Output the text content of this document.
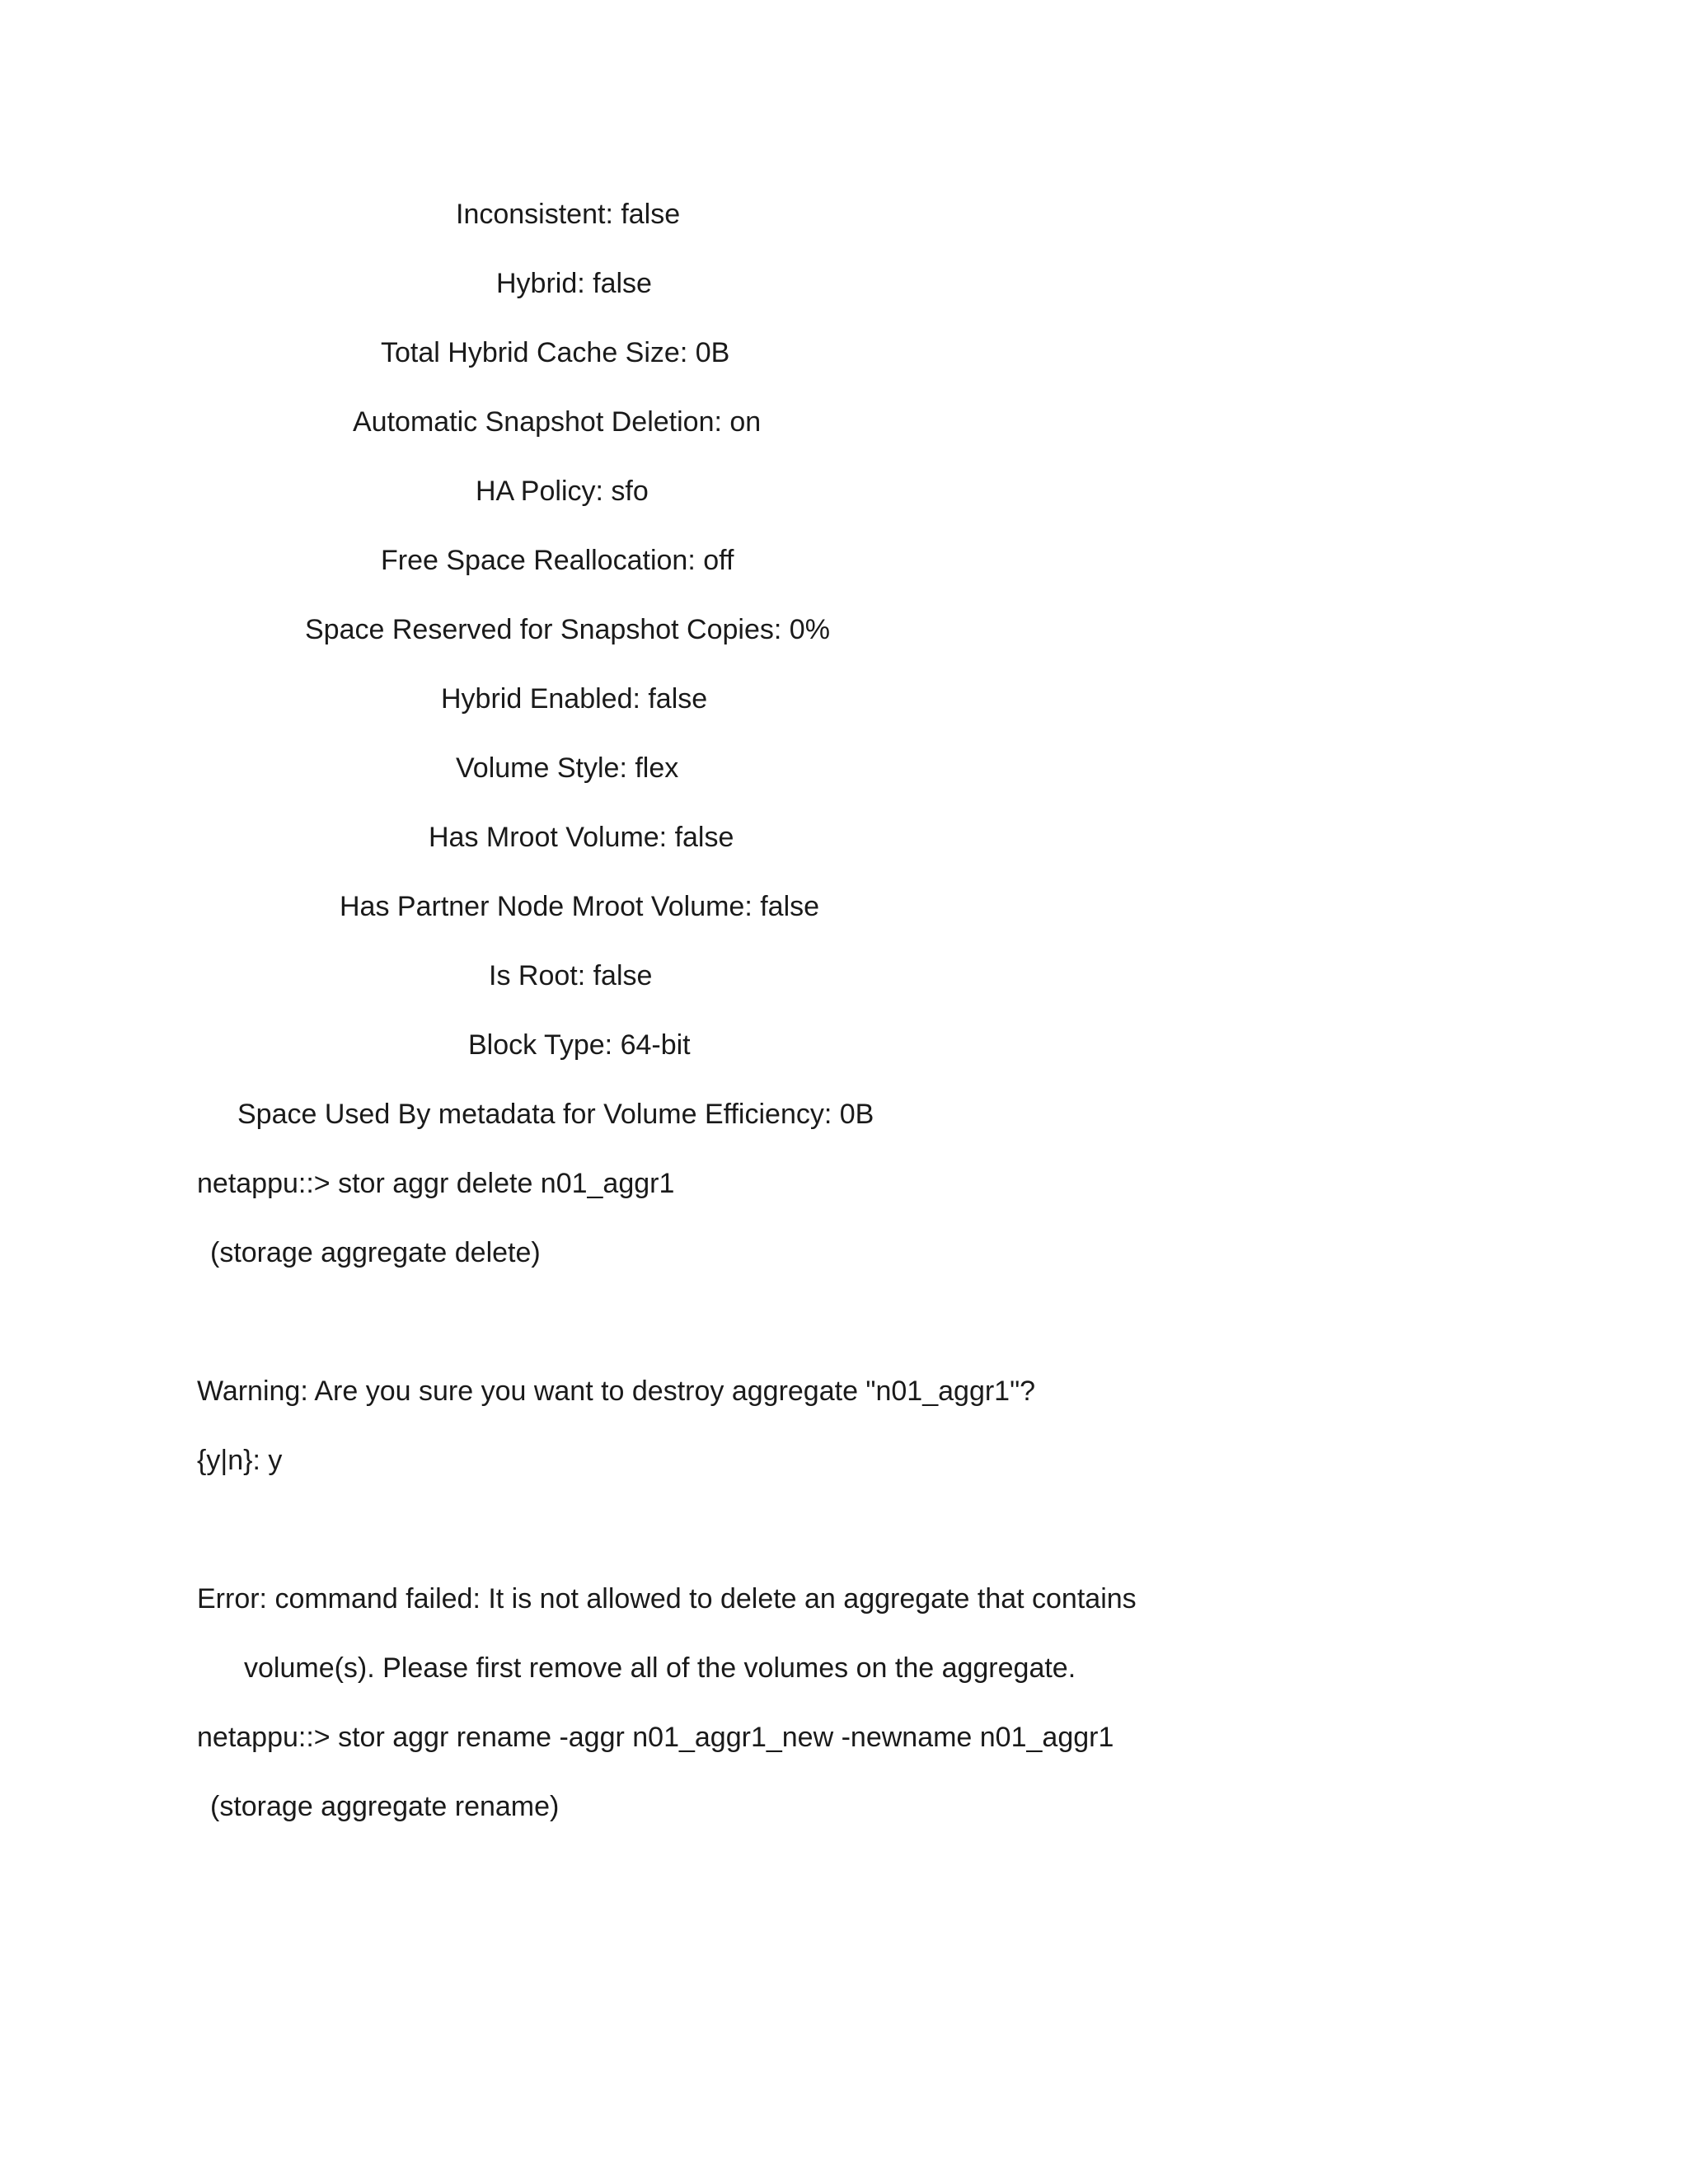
Inconsistent: false

Hybrid: false

Total Hybrid Cache Size: 0B

Automatic Snapshot Deletion: on

HA Policy: sfo

Free Space Reallocation: off

Space Reserved for Snapshot Copies: 0%

Hybrid Enabled: false

Volume Style: flex

Has Mroot Volume: false

Has Partner Node Mroot Volume: false

Is Root: false

Block Type: 64-bit

Space Used By metadata for Volume Efficiency: 0B

netappu::> stor aggr delete n01_aggr1

(storage aggregate delete)

Warning: Are you sure you want to destroy aggregate "n01_aggr1"?

{y|n}: y

Error: command failed: It is not allowed to delete an aggregate that contains

volume(s). Please first remove all of the volumes on the aggregate.

netappu::> stor aggr rename -aggr n01_aggr1_new -newname n01_aggr1

(storage aggregate rename)
